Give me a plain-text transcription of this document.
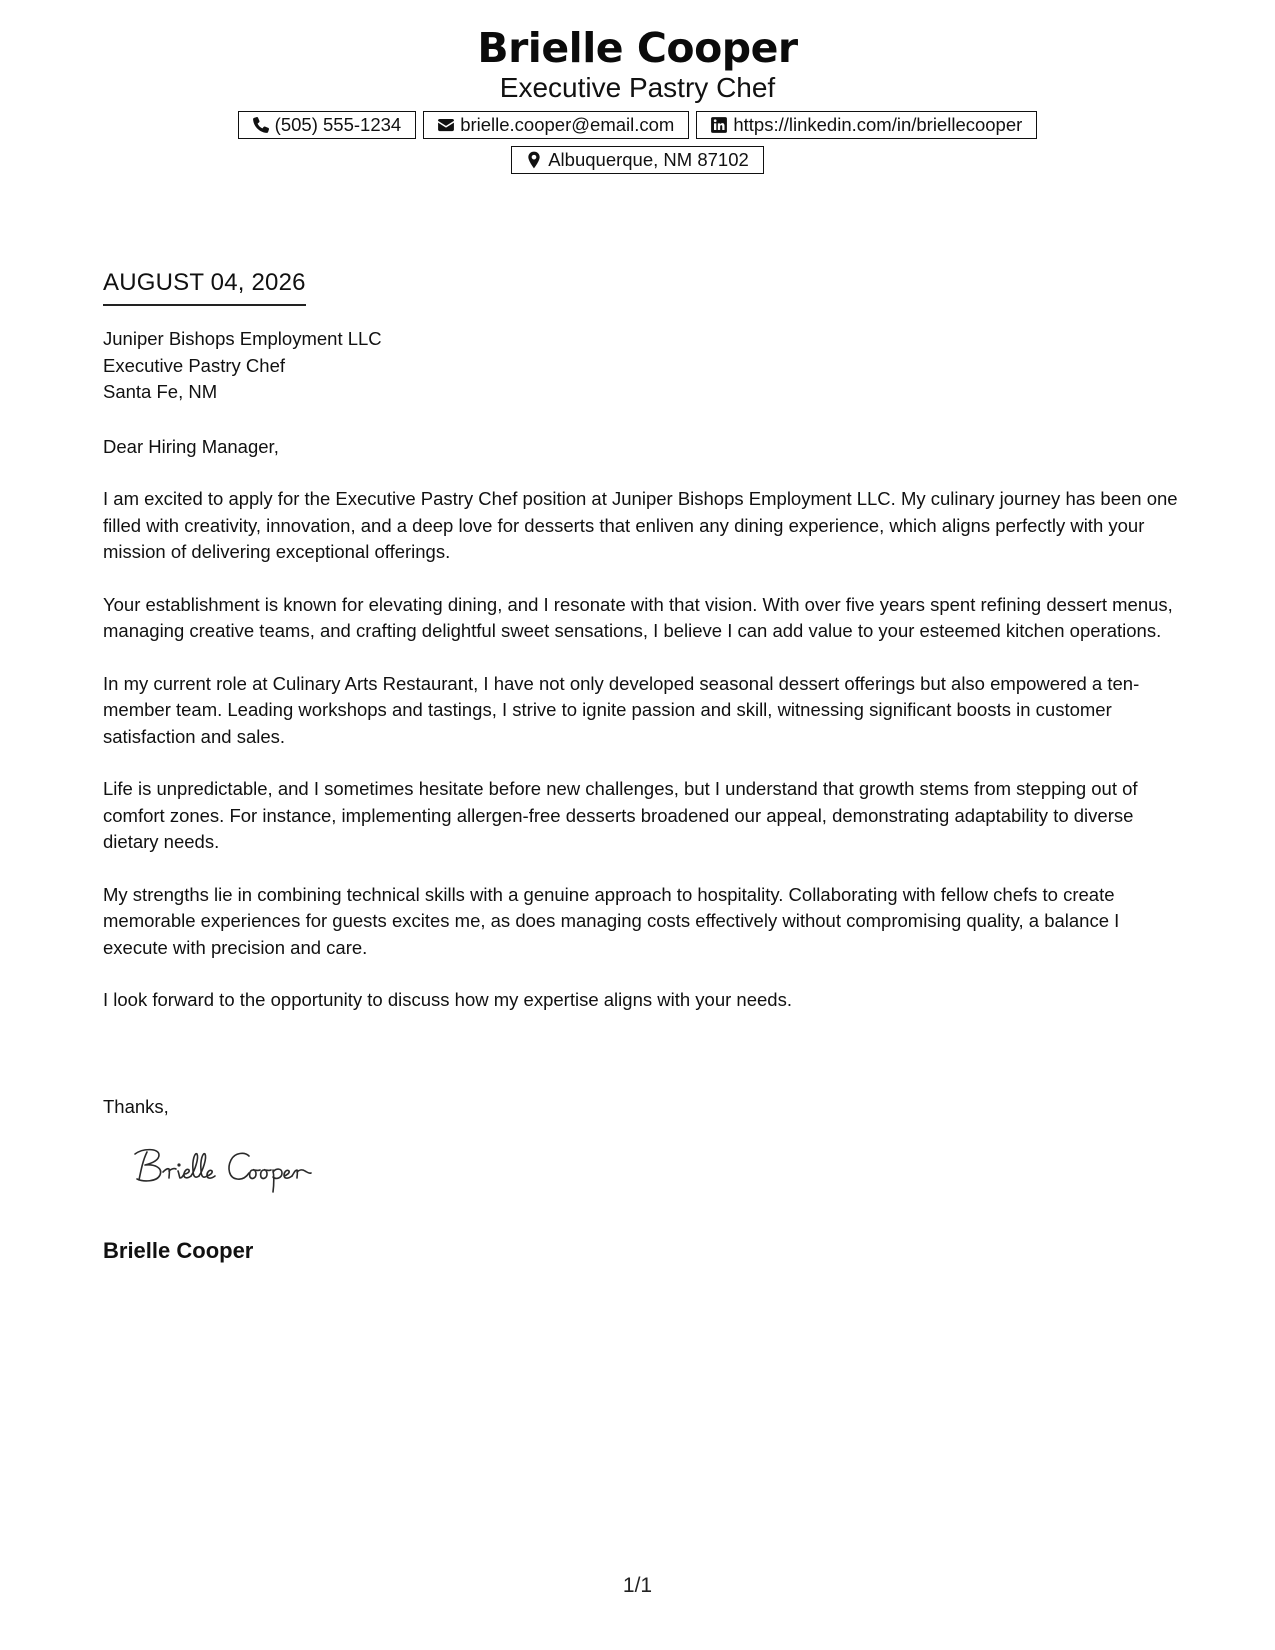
Brielle Cooper
Executive Pastry Chef
(505) 555-1234	brielle.cooper@email.com	https://linkedin.com/in/briellecooper
Albuquerque, NM 87102
AUGUST 04, 2026

Juniper Bishops Employment LLC

Executive Pastry Chef

Santa Fe, NM

Dear Hiring Manager,

I am excited to apply for the Executive Pastry Chef position at Juniper Bishops Employment LLC. My culinary journey has been one filled with creativity, innovation, and a deep love for desserts that enliven any dining experience, which aligns perfectly with your mission of delivering exceptional offerings.

Your establishment is known for elevating dining, and I resonate with that vision. With over five years spent refining dessert menus, managing creative teams, and crafting delightful sweet sensations, I believe I can add value to your esteemed kitchen operations.

In my current role at Culinary Arts Restaurant, I have not only developed seasonal dessert offerings but also empowered a ten-member team. Leading workshops and tastings, I strive to ignite passion and skill, witnessing significant boosts in customer satisfaction and sales.

Life is unpredictable, and I sometimes hesitate before new challenges, but I understand that growth stems from stepping out of comfort zones. For instance, implementing allergen-free desserts broadened our appeal, demonstrating adaptability to diverse dietary needs.

My strengths lie in combining technical skills with a genuine approach to hospitality. Collaborating with fellow chefs to create memorable experiences for guests excites me, as does managing costs effectively without compromising quality, a balance I execute with precision and care.

I look forward to the opportunity to discuss how my expertise aligns with your needs.

Thanks,
Brielle Cooper
1/1
